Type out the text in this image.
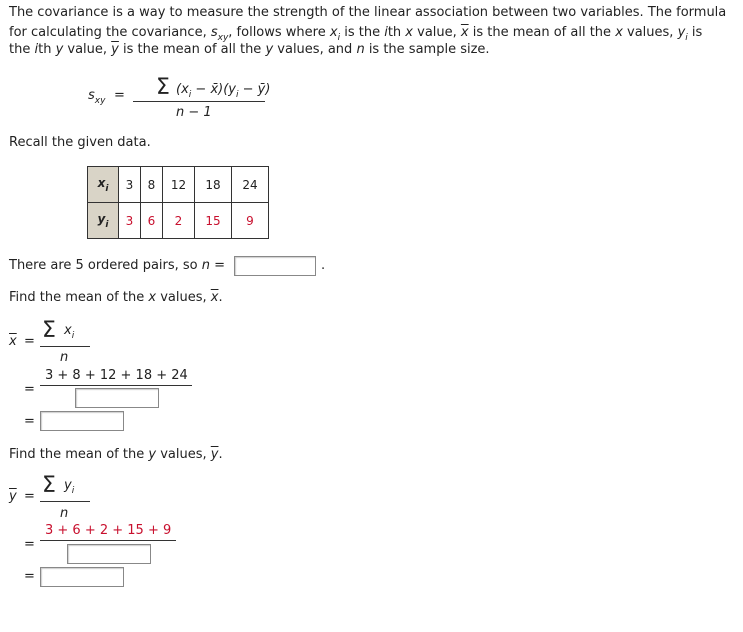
The covariance is a way to measure the strength of the linear association between two variables. The formula
for calculating the covariance, $s_{xy}$, follows where $x_i$ is the ith x value, $\overline{x}$ is the mean of all the x values, $y_i$ is
the ith y value, $\overline{y}$ is the mean of all the y values, and n is the sample size.
$s_{xy} = \Sigma$ ($x_i$ − $x̄)(y_i$ − ȳ)
n − 1
Recall the given data.
$x_i$	3	8	12	18	24
$y_i$	3	6	2	15	9
There are 5 ordered pairs, so n =	.
Find the mean of the x values, $\overline{x}$.
$\overline{x} = \Sigma$ $x_i$
n
3 + 8 + 12 + 18 + 24
=
=
Find the mean of the y values, $\overline{y}$.
$\overline{y} = \Sigma$ $y_i$
n
3 + 6 + 2 + 15 + 9
=
=
